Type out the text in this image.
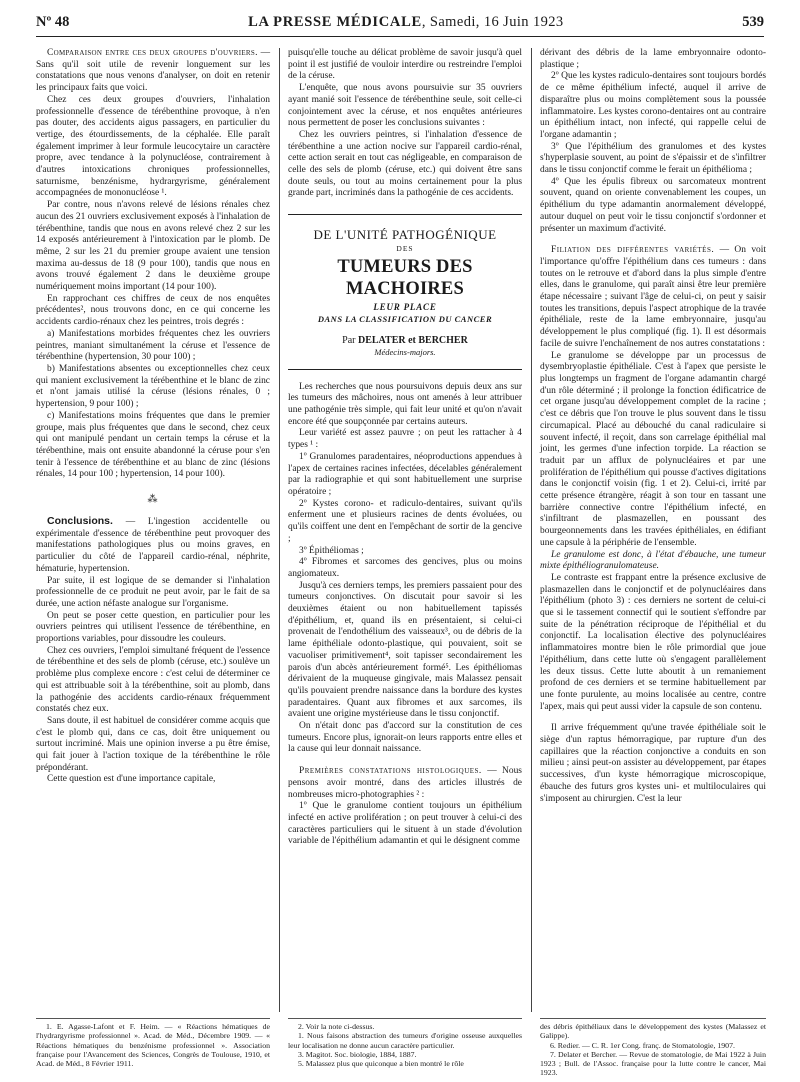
Nº 48	LA PRESSE MÉDICALE, Samedi, 16 Juin 1923	539

Comparaison entre ces deux groupes d'ouvriers. — Sans qu'il soit utile de revenir longuement sur les constatations que nous venons d'analyser, on doit en retenir les principaux faits que voici.

Chez ces deux groupes d'ouvriers, l'inhalation professionnelle d'essence de térébenthine provoque, à n'en pas douter, des accidents aigus passagers, en particulier du vertige, des étourdissements, de la céphalée. Elle paraît également imprimer à leur formule leucocytaire un caractère propre, avec tendance à la polynucléose, contrairement à d'autres intoxications chroniques professionnelles, saturnisme, benzénisme, hydrargyrisme, généralement accompagnées de mononucléose ¹.

Par contre, nous n'avons relevé de lésions rénales chez aucun des 21 ouvriers exclusivement exposés à l'inhalation de térébenthine, tandis que nous en avons relevé chez 2 sur les 14 exposés antérieurement à l'intoxication par le plomb. De même, 2 sur les 21 du premier groupe avaient une tension maxima au-dessus de 18 (9 pour 100), tandis que nous en avons trouvé également 2 dans le deuxième groupe numériquement moins important (14 pour 100).

En rapprochant ces chiffres de ceux de nos enquêtes précédentes², nous trouvons donc, en ce qui concerne les accidents cardio-rénaux chez les peintres, trois degrés :

a) Manifestations morbides fréquentes chez les ouvriers peintres, maniant simultanément la céruse et l'essence de térébenthine (hypertension, 30 pour 100) ;

b) Manifestations absentes ou exceptionnelles chez ceux qui manient exclusivement la térébenthine et le blanc de zinc et n'ont jamais utilisé la céruse (lésions rénales, 0 ; hypertension, 9 pour 100) ;

c) Manifestations moins fréquentes que dans le premier groupe, mais plus fréquentes que dans le second, chez ceux qui ont manipulé pendant un certain temps la céruse et la térébenthine, mais ont ensuite abandonné la céruse pour s'en tenir à l'essence de térébenthine et au blanc de zinc (lésions rénales, 14 pour 100 ; hypertension, 14 pour 100).

⁂

Conclusions. — L'ingestion accidentelle ou expérimentale d'essence de térébenthine peut provoquer des manifestations pathologiques plus ou moins graves, en particulier du côté de l'appareil cardio-rénal, néphrite, hématurie, hypertension.

Par suite, il est logique de se demander si l'inhalation professionnelle de ce produit ne peut avoir, par le fait de sa durée, une action néfaste analogue sur l'organisme.

On peut se poser cette question, en particulier pour les ouvriers peintres qui utilisent l'essence de térébenthine, en proportions variables, pour dissoudre les couleurs.

Chez ces ouvriers, l'emploi simultané fréquent de l'essence de térébenthine et des sels de plomb (céruse, etc.) soulève un problème plus complexe encore : c'est celui de déterminer ce qui est attribuable soit à la térébenthine, soit au plomb, dans la pathogénie des accidents cardio-rénaux fréquemment constatés chez eux.

Sans doute, il est habituel de considérer comme acquis que c'est le plomb qui, dans ce cas, doit être uniquement ou surtout incriminé. Mais une opinion inverse a pu être émise, qui fait jouer à l'action toxique de la térébenthine le rôle prépondérant.

Cette question est d'une importance capitale,

puisqu'elle touche au délicat problème de savoir jusqu'à quel point il est justifié de vouloir interdire ou restreindre l'emploi de la céruse.

L'enquête, que nous avons poursuivie sur 35 ouvriers ayant manié soit l'essence de térébenthine seule, soit celle-ci conjointement avec la céruse, et nos enquêtes antérieures nous permettent de poser les conclusions suivantes :

Chez les ouvriers peintres, si l'inhalation d'essence de térébenthine a une action nocive sur l'appareil cardio-rénal, cette action serait en tout cas négligeable, en comparaison de celle des sels de plomb (céruse, etc.) qui doivent être sans doute seuls, ou tout au moins certainement pour la plus grande part, incriminés dans la pathogénie de ces accidents.

DE L'UNITÉ PATHOGÉNIQUE
DES
TUMEURS DES MACHOIRES
LEUR PLACE
DANS LA CLASSIFICATION DU CANCER
Par DELATER et BERCHER
Médecins-majors.

Les recherches que nous poursuivons depuis deux ans sur les tumeurs des mâchoires, nous ont amenés à leur attribuer une pathogénie très simple, qui fait leur unité et qu'on n'avait encore été que soupçonnée par certains auteurs.

Leur variété est assez pauvre ; on peut les rattacher à 4 types ¹ :

1º Granulomes paradentaires, néoproductions appendues à l'apex de certaines racines infectées, décelables généralement par la radiographie et qui sont habituellement une surprise opératoire ;

2º Kystes corono- et radiculo-dentaires, suivant qu'ils enferment une et plusieurs racines de dents évoluées, ou qu'ils coiffent une dent en l'empêchant de sortir de la gencive ;

3º Épithéliomas ;

4º Fibromes et sarcomes des gencives, plus ou moins angiomateux.

Jusqu'à ces derniers temps, les premiers passaient pour des tumeurs conjonctives. On discutait pour savoir si les deuxièmes étaient ou non habituellement tapissés d'épithélium, et, quand ils en présentaient, si celui-ci provenait de l'endothélium des vaisseaux³, ou de débris de la lame épithéliale odonto-plastique, qui pouvaient, soit se vacuoliser primitivement⁴, soit tapisser secondairement les parois d'un abcès antérieurement formé⁵. Les épithéliomas dérivaient de la muqueuse gingivale, mais Malassez pensait qu'ils pouvaient prendre naissance dans la bordure des kystes paradentaires. Quant aux fibromes et aux sarcomes, ils avaient une origine mystérieuse dans le tissu conjonctif.

On n'était donc pas d'accord sur la constitution de ces tumeurs. Encore plus, ignorait-on leurs rapports entre elles et la cause qui leur donnait naissance.

Premières constatations histologiques. — Nous pensons avoir montré, dans des articles illustrés de nombreuses micro-photographies ² :

1º Que le granulome contient toujours un épithélium infecté en active prolifération ; on peut trouver à celui-ci des caractères particuliers qui le situent à un stade d'évolution variable de l'épithélium adamantin et qui le désignent comme

dérivant des débris de la lame embryonnaire odonto-plastique ;

2º Que les kystes radiculo-dentaires sont toujours bordés de ce même épithélium infecté, auquel il arrive de disparaître plus ou moins complètement sous la poussée inflammatoire. Les kystes corono-dentaires ont au contraire un épithélium intact, non infecté, qui rappelle celui de l'organe adamantin ;

3º Que l'épithélium des granulomes et des kystes s'hyperplasie souvent, au point de s'épaissir et de s'infiltrer dans le tissu conjonctif comme le ferait un épithélioma ;

4º Que les épulis fibreux ou sarcomateux montrent souvent, quand on oriente convenablement les coupes, un épithélium du type adamantin anormalement développé, autour duquel on peut voir le tissu conjonctif s'ordonner et présenter un maximum d'activité.

Filiation des différentes variétés. — On voit l'importance qu'offre l'épithélium dans ces tumeurs : dans toutes on le retrouve et d'abord dans la plus simple d'entre elles, dans le granulome, qui paraît ainsi être leur première étape nécessaire ; suivant l'âge de celui-ci, on peut y saisir toutes les transitions, depuis l'aspect atrophique de la travée épithéliale, reste de la lame embryonnaire, jusqu'au développement le plus compliqué (fig. 1). Il est désormais facile de suivre l'enchaînement de nos autres constatations :

Le granulome se développe par un processus de dysembryoplastie épithéliale. C'est à l'apex que persiste le plus longtemps un fragment de l'organe adamantin chargé d'un rôle déterminé ; il prolonge la fonction édificatrice de cet organe jusqu'au développement complet de la racine ; c'est ce débris que l'on trouve le plus souvent dans le tissu circumapical. Placé au débouché du canal radiculaire si souvent infecté, il reçoit, dans son carrelage épithélial mal joint, les germes d'une infection torpide. La réaction se traduit par un afflux de polynucléaires et par une prolifération de l'épithélium qui pousse d'actives digitations dans le conjonctif voisin (fig. 1 et 2). Celui-ci, irrité par cette présence étrangère, réagit à son tour en tassant une barrière connective contre l'épithélium infecté, en s'infiltrant de plasmazellen, en poussant des bourgeonnements dans les travées épithéliales, en édifiant une capsule à la périphérie de l'ensemble.

Le granulome est donc, à l'état d'ébauche, une tumeur mixte épithéliogranulomateuse.

Le contraste est frappant entre la présence exclusive de plasmazellen dans le conjonctif et de polynucléaires dans l'épithélium (photo 3) : ces derniers ne sortent de celui-ci que si le tassement connectif qui le soutient s'effondre par suite de la pénétration réciproque de l'épithélial et du conjonctif. La localisation élective des polynucléaires inflammatoires montre bien le rôle primordial que joue l'épithélium, dans cette lutte où s'engagent parallèlement les deux tissus. Cette lutte aboutit à un remaniement profond de ces derniers et se termine habituellement par une fonte purulente, au moins localisée au centre, contre l'apex, mais qui peut aussi vider la capsule de son contenu.

Il arrive fréquemment qu'une travée épithéliale soit le siège d'un raptus hémorragique, par rupture d'un des capillaires que la réaction conjonctive a conduits en son milieu ; ainsi peut-on assister au développement, par étapes successives, d'un kyste hémorragique microscopique, ébauche des futurs gros kystes uni- et multiloculaires qui s'imposent au chirurgien. C'est la leur

1. E. Agasse-Lafont et F. Heim. — « Réactions hématiques de l'hydrargyrisme professionnel ». Acad. de Méd., Décembre 1909. — « Réactions hématiques du benzénisme professionnel ». Association française pour l'Avancement des Sciences, Congrès de Toulouse, 1910, et Acad. de Méd., 8 Février 1911.

2. Voir la note ci-dessus.

1. Nous faisons abstraction des tumeurs d'origine osseuse auxquelles leur localisation ne donne aucun caractère particulier.

3. Magitot. Soc. biologie, 1884, 1887.

5. Malassez plus que quiconque a bien montré le rôle

des débris épithéliaux dans le développement des kystes (Malassez et Galippe).

6. Redier. — C. R. 1er Cong. franç. de Stomatologie, 1907.

7. Delater et Bercher. — Revue de stomatologie, de Mai 1922 à Juin 1923 ; Bull. de l'Assoc. française pour la lutte contre le cancer, Mai 1923.
